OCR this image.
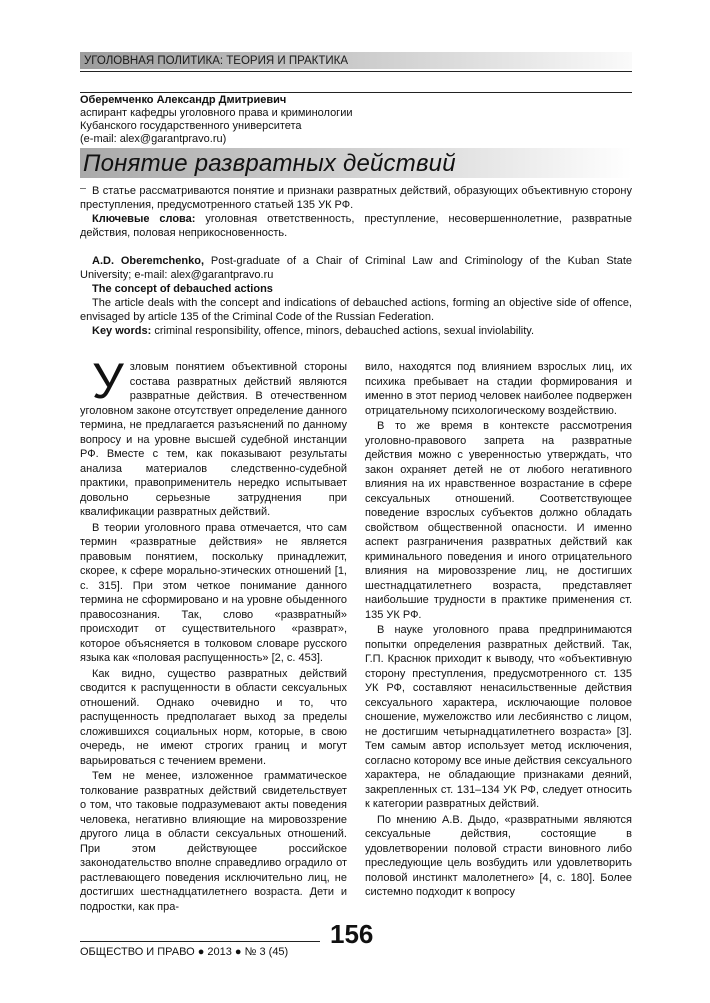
УГОЛОВНАЯ ПОЛИТИКА: ТЕОРИЯ И ПРАКТИКА
Оберемченко Александр Дмитриевич
аспирант кафедры уголовного права и криминологии
Кубанского государственного университета
(e-mail: alex@garantpravo.ru)
Понятие развратных действий

В статье рассматриваются понятие и признаки развратных действий, образующих объективную сторону преступления, предусмотренного статьей 135 УК РФ.

Ключевые слова: уголовная ответственность, преступление, несовершеннолетние, развратные действия, половая неприкосновенность.

A.D. Oberemchenko, Post-graduate of a Chair of Criminal Law and Criminology of the Kuban State University; e-mail: alex@garantpravo.ru

The concept of debauched actions

The article deals with the concept and indications of debauched actions, forming an objective side of offence, envisaged by article 135 of the Criminal Code of the Russian Federation.

Key words: criminal responsibility, offence, minors, debauched actions, sexual inviolability.

Узловым понятием объективной стороны состава развратных действий являются развратные действия. В отечественном уголовном законе отсутствует определение данного термина, не предлагается разъяснений по данному вопросу и на уровне высшей судебной инстанции РФ. Вместе с тем, как показывают результаты анализа материалов следственно-судебной практики, правоприменитель нередко испытывает довольно серьезные затруднения при квалификации развратных действий.

В теории уголовного права отмечается, что сам термин «развратные действия» не является правовым понятием, поскольку принадлежит, скорее, к сфере морально-этических отношений [1, с. 315]. При этом четкое понимание данного термина не сформировано и на уровне обыденного правосознания. Так, слово «развратный» происходит от существительного «разврат», которое объясняется в толковом словаре русского языка как «половая распущенность» [2, с. 453].

Как видно, существо развратных действий сводится к распущенности в области сексуальных отношений. Однако очевидно и то, что распущенность предполагает выход за пределы сложившихся социальных норм, которые, в свою очередь, не имеют строгих границ и могут варьироваться с течением времени.

Тем не менее, изложенное грамматическое толкование развратных действий свидетельствует о том, что таковые подразумевают акты поведения человека, негативно влияющие на мировоззрение другого лица в области сексуальных отношений. При этом действующее российское законодательство вполне справедливо оградило от растлевающего поведения исключительно лиц, не достигших шестнадцатилетнего возраста. Дети и подростки, как пра-

вило, находятся под влиянием взрослых лиц, их психика пребывает на стадии формирования и именно в этот период человек наиболее подвержен отрицательному психологическому воздействию.

В то же время в контексте рассмотрения уголовно-правового запрета на развратные действия можно с уверенностью утверждать, что закон охраняет детей не от любого негативного влияния на их нравственное возрастание в сфере сексуальных отношений. Соответствующее поведение взрослых субъектов должно обладать свойством общественной опасности. И именно аспект разграничения развратных действий как криминального поведения и иного отрицательного влияния на мировоззрение лиц, не достигших шестнадцатилетнего возраста, представляет наибольшие трудности в практике применения ст. 135 УК РФ.

В науке уголовного права предпринимаются попытки определения развратных действий. Так, Г.П. Краснюк приходит к выводу, что «объективную сторону преступления, предусмотренного ст. 135 УК РФ, составляют ненасильственные действия сексуального характера, исключающие половое сношение, мужеложство или лесбиянство с лицом, не достигшим четырнадцатилетнего возраста» [3]. Тем самым автор использует метод исключения, согласно которому все иные действия сексуального характера, не обладающие признаками деяний, закрепленных ст. 131–134 УК РФ, следует относить к категории развратных действий.

По мнению А.В. Дыдо, «развратными являются сексуальные действия, состоящие в удовлетворении половой страсти виновного либо преследующие цель возбудить или удовлетворить половой инстинкт малолетнего» [4, с. 180]. Более системно подходит к вопросу

156
ОБЩЕСТВО И ПРАВО ● 2013 ● № 3 (45)
